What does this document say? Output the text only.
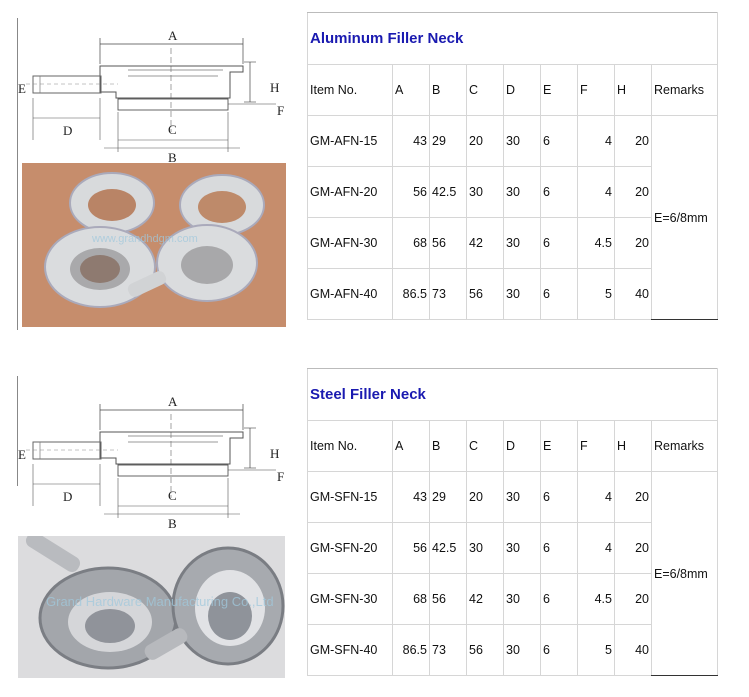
A
E
F
H
D	C
B
Aluminum Filler Neck								
Item No.	A	B	C	D	E	F	H	Remarks
GM-AFN-15	43	29	20	30	6	4	20	E=6/8mm
GM-AFN-20	56	42.5	30	30	6	4	20	
GM-AFN-30	68	56	42	30	6	4.5	20	
GM-AFN-40	86.5	73	56	30	6	5	40	
www.grandhdgm.com
A
E
F
H
D	C
B
Steel Filler Neck								
Item No.	A	B	C	D	E	F	H	Remarks
GM-SFN-15	43	29	20	30	6	4	20	E=6/8mm
GM-SFN-20	56	42.5	30	30	6	4	20	
GM-SFN-30	68	56	42	30	6	4.5	20	
GM-SFN-40	86.5	73	56	30	6	5	40	
Grand Hardware Manufacturing Co.,Ltd
